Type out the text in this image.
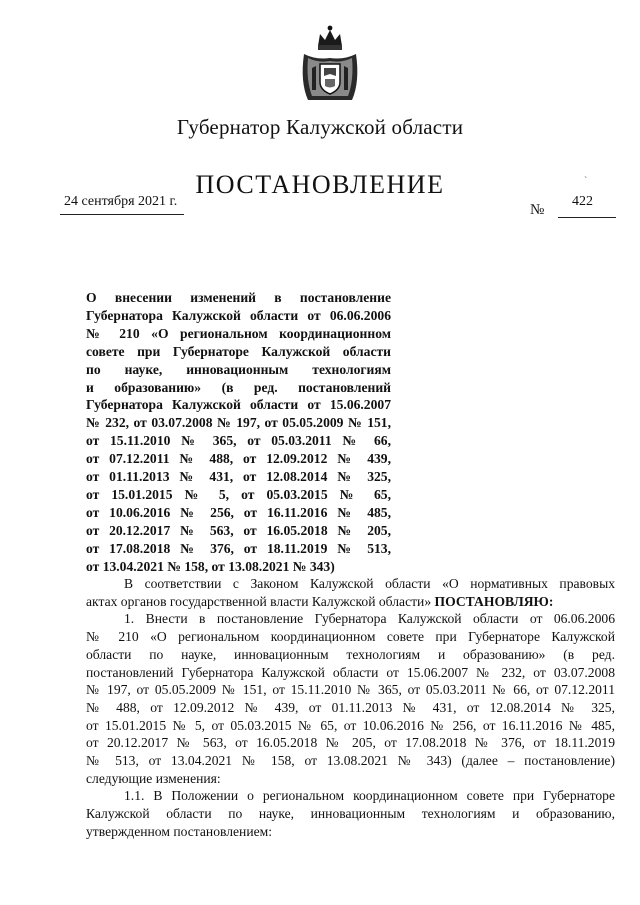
Губернатор Калужской области
ПОСТАНОВЛЕНИЕ
24 сентября 2021 г.
`
№
422
О внесении изменений в постановление
Губернатора Калужской области от 06.06.2006
№ 210 «О региональном координационном
совете при Губернаторе Калужской области
по науке, инновационным технологиям
и образованию» (в ред. постановлений
Губернатора Калужской области от 15.06.2007
№ 232, от 03.07.2008 № 197, от 05.05.2009 № 151,
от 15.11.2010 № 365, от 05.03.2011 № 66,
от 07.12.2011 № 488, от 12.09.2012 № 439,
от 01.11.2013 № 431, от 12.08.2014 № 325,
от 15.01.2015 № 5, от 05.03.2015 № 65,
от 10.06.2016 № 256, от 16.11.2016 № 485,
от 20.12.2017 № 563, от 16.05.2018 № 205,
от 17.08.2018 № 376, от 18.11.2019 № 513,
от 13.04.2021 № 158, от 13.08.2021 № 343)
В соответствии с Законом Калужской области «О нормативных правовых
актах органов государственной власти Калужской области» ПОСТАНОВЛЯЮ:
1. Внести в постановление Губернатора Калужской области от 06.06.2006
№ 210 «О региональном координационном совете при Губернаторе Калужской
области по науке, инновационным технологиям и образованию» (в ред.
постановлений Губернатора Калужской области от 15.06.2007 № 232, от 03.07.2008
№ 197, от 05.05.2009 № 151, от 15.11.2010 № 365, от 05.03.2011 № 66, от 07.12.2011
№ 488, от 12.09.2012 № 439, от 01.11.2013 № 431, от 12.08.2014 № 325,
от 15.01.2015 № 5, от 05.03.2015 № 65, от 10.06.2016 № 256, от 16.11.2016 № 485,
от 20.12.2017 № 563, от 16.05.2018 № 205, от 17.08.2018 № 376, от 18.11.2019
№ 513, от 13.04.2021 № 158, от 13.08.2021 № 343) (далее – постановление)
следующие изменения:
1.1. В Положении о региональном координационном совете при Губернаторе
Калужской области по науке, инновационным технологиям и образованию,
утвержденном постановлением:
